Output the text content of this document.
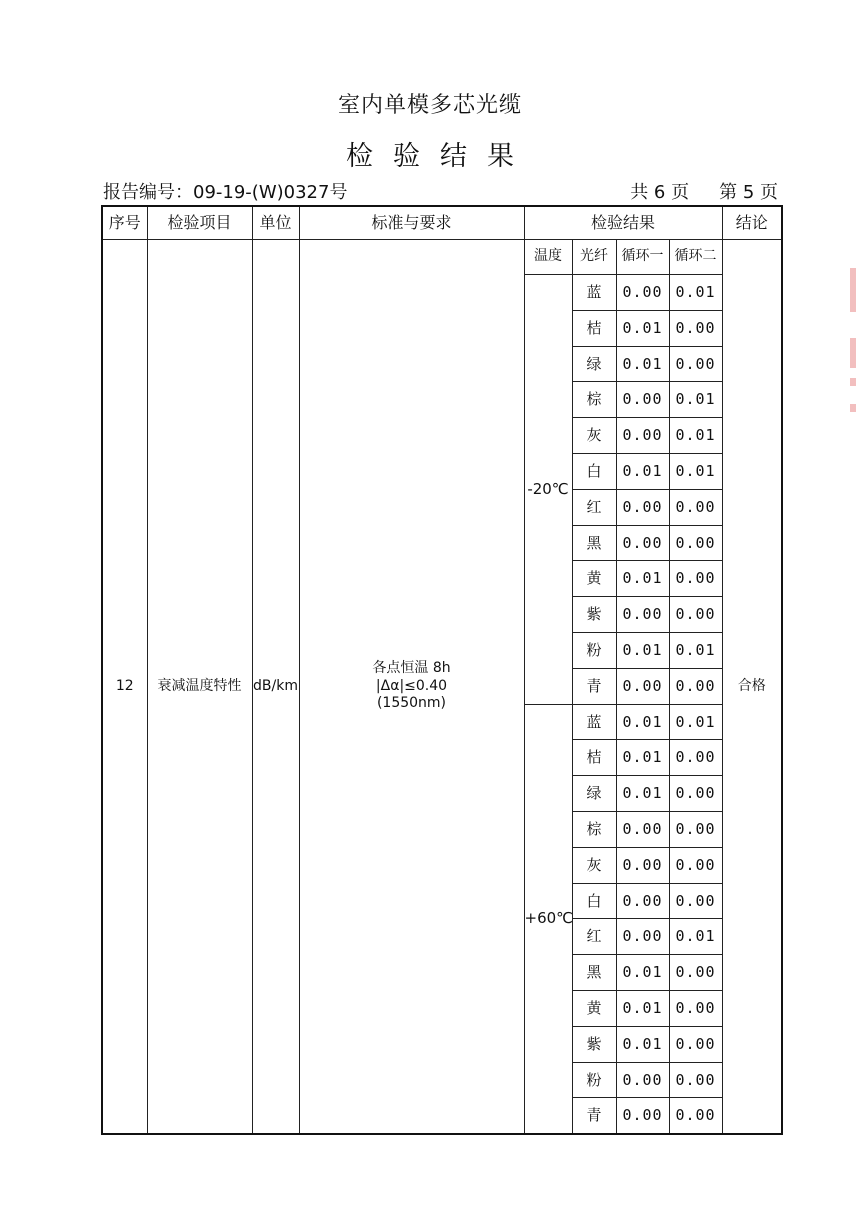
室内单模多芯光缆
检验结果
报告编号：09-19-(W)0327号	共 6 页 第 5 页
序号	检验项目	单位	标准与要求	检验结果				结论
12	衰减温度特性	dB/km	各点恒温 8h
|Δα|≤0.40
(1550nm)	温度	光纤	循环一	循环二	合格
				-20℃	蓝	0.00	0.01	
					桔	0.01	0.00	
					绿	0.01	0.00	
					棕	0.00	0.01	
					灰	0.00	0.01	
					白	0.01	0.01	
					红	0.00	0.00	
					黑	0.00	0.00	
					黄	0.01	0.00	
					紫	0.00	0.00	
					粉	0.01	0.01	
					青	0.00	0.00	
				+60℃	蓝	0.01	0.01	
					桔	0.01	0.00	
					绿	0.01	0.00	
					棕	0.00	0.00	
					灰	0.00	0.00	
					白	0.00	0.00	
					红	0.00	0.01	
					黑	0.01	0.00	
					黄	0.01	0.00	
					紫	0.01	0.00	
					粉	0.00	0.00	
					青	0.00	0.00	
